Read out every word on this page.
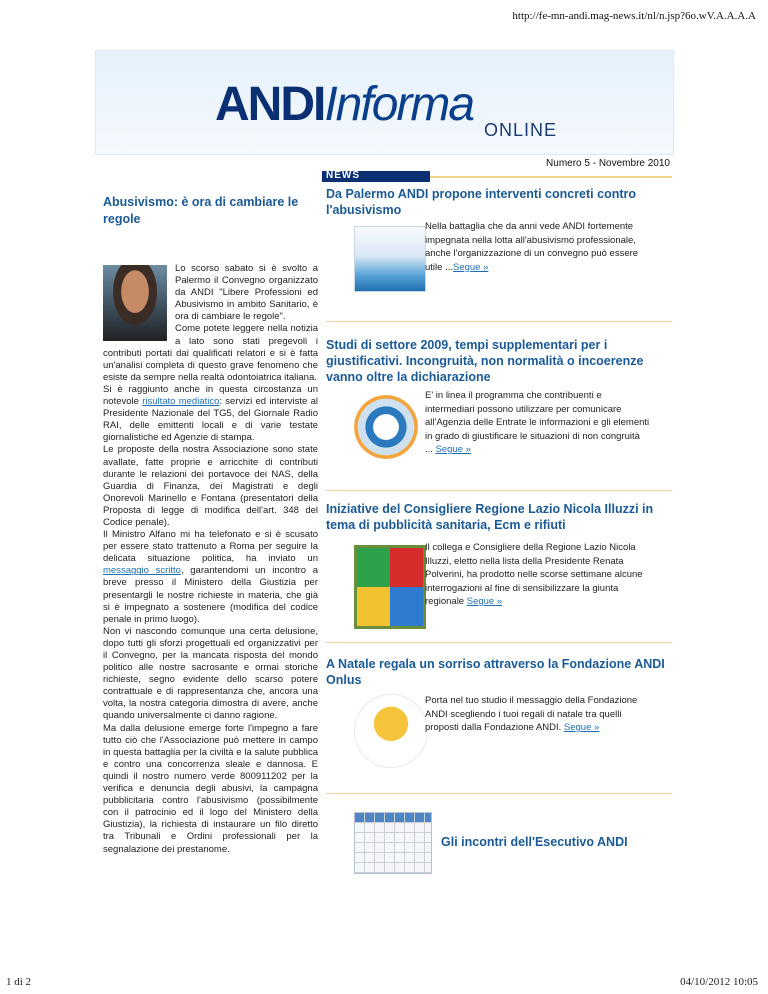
http://fe-mn-andi.mag-news.it/nl/n.jsp?6o.wV.A.A.A.A
ANDIInforma ONLINE
Numero 5 - Novembre 2010
NEWS
Abusivismo: è ora di cambiare le regole
Lo scorso sabato si è svolto a Palermo il Convegno organizzato da ANDI "Libere Professioni ed Abusivismo in ambito Sanitario, è ora di cambiare le regole".
Come potete leggere nella notizia a lato sono stati pregevoli i contributi portati dai qualificati relatori e si è fatta un'analisi completa di questo grave fenomeno che esiste da sempre nella realtà odontoiatrica italiana.
Si è raggiunto anche in questa circostanza un notevole risultato mediatico: servizi ed interviste al Presidente Nazionale del TG5, del Giornale Radio RAI, delle emittenti locali e di varie testate giornalistiche ed Agenzie di stampa.
Le proposte della nostra Associazione sono state avallate, fatte proprie e arricchite di contributi durante le relazioni dei portavoce dei NAS, della Guardia di Finanza, dei Magistrati e degli Onorevoli Marinello e Fontana (presentatori della Proposta di legge di modifica dell'art. 348 del Codice penale).
Il Ministro Alfano mi ha telefonato e si è scusato per essere stato trattenuto a Roma per seguire la delicata situazione politica, ha inviato un messaggio scritto, garantendomi un incontro a breve presso il Ministero della Giustizia per presentargli le nostre richieste in materia, che già si è impegnato a sostenere (modifica del codice penale in primo luogo).
Non vi nascondo comunque una certa delusione, dopo tutti gli sforzi progettuali ed organizzativi per il Convegno, per la mancata risposta del mondo politico alle nostre sacrosante e ormai storiche richieste, segno evidente dello scarso potere contrattuale e di rappresentanza che, ancora una volta, la nostra categoria dimostra di avere, anche quando universalmente ci danno ragione.
Ma dalla delusione emerge forte l'impegno a fare tutto ciò che l'Associazione può mettere in campo in questa battaglia per la civiltà e la salute pubblica e contro una concorrenza sleale e dannosa. E quindi il nostro numero verde 800911202 per la verifica e denuncia degli abusivi, la campagna pubblicitaria contro l'abusivismo (possibilmente con il patrocinio ed il logo del Ministero della Giustizia), la richiesta di instaurare un filo diretto tra Tribunali e Ordini professionali per la segnalazione dei prestanome.
Da Palermo ANDI propone interventi concreti contro l'abusivismo
Nella battaglia che da anni vede ANDI fortemente impegnata nella lotta all'abusivismo professionale, anche l'organizzazione di un convegno può essere utile ...Segue »
Studi di settore 2009, tempi supplementari per i giustificativi. Incongruità, non normalità o incoerenze vanno oltre la dichiarazione
E' in linea il programma che contribuenti e intermediari possono utilizzare per comunicare all'Agenzia delle Entrate le informazioni e gli elementi in grado di giustificare le situazioni di non congruità ... Segue »
Iniziative del Consigliere Regione Lazio Nicola Illuzzi in tema di pubblicità sanitaria, Ecm e rifiuti
Il collega e Consigliere della Regione Lazio Nicola Illuzzi, eletto nella lista della Presidente Renata Polverini, ha prodotto nelle scorse settimane alcune interrogazioni al fine di sensibilizzare la giunta regionale Segue »
A Natale regala un sorriso attraverso la Fondazione ANDI Onlus
Porta nel tuo studio il messaggio della Fondazione ANDI scegliendo i tuoi regali di natale tra quelli proposti dalla Fondazione ANDI. Segue »
Gli incontri dell'Esecutivo ANDI
1 di 2	04/10/2012 10:05
